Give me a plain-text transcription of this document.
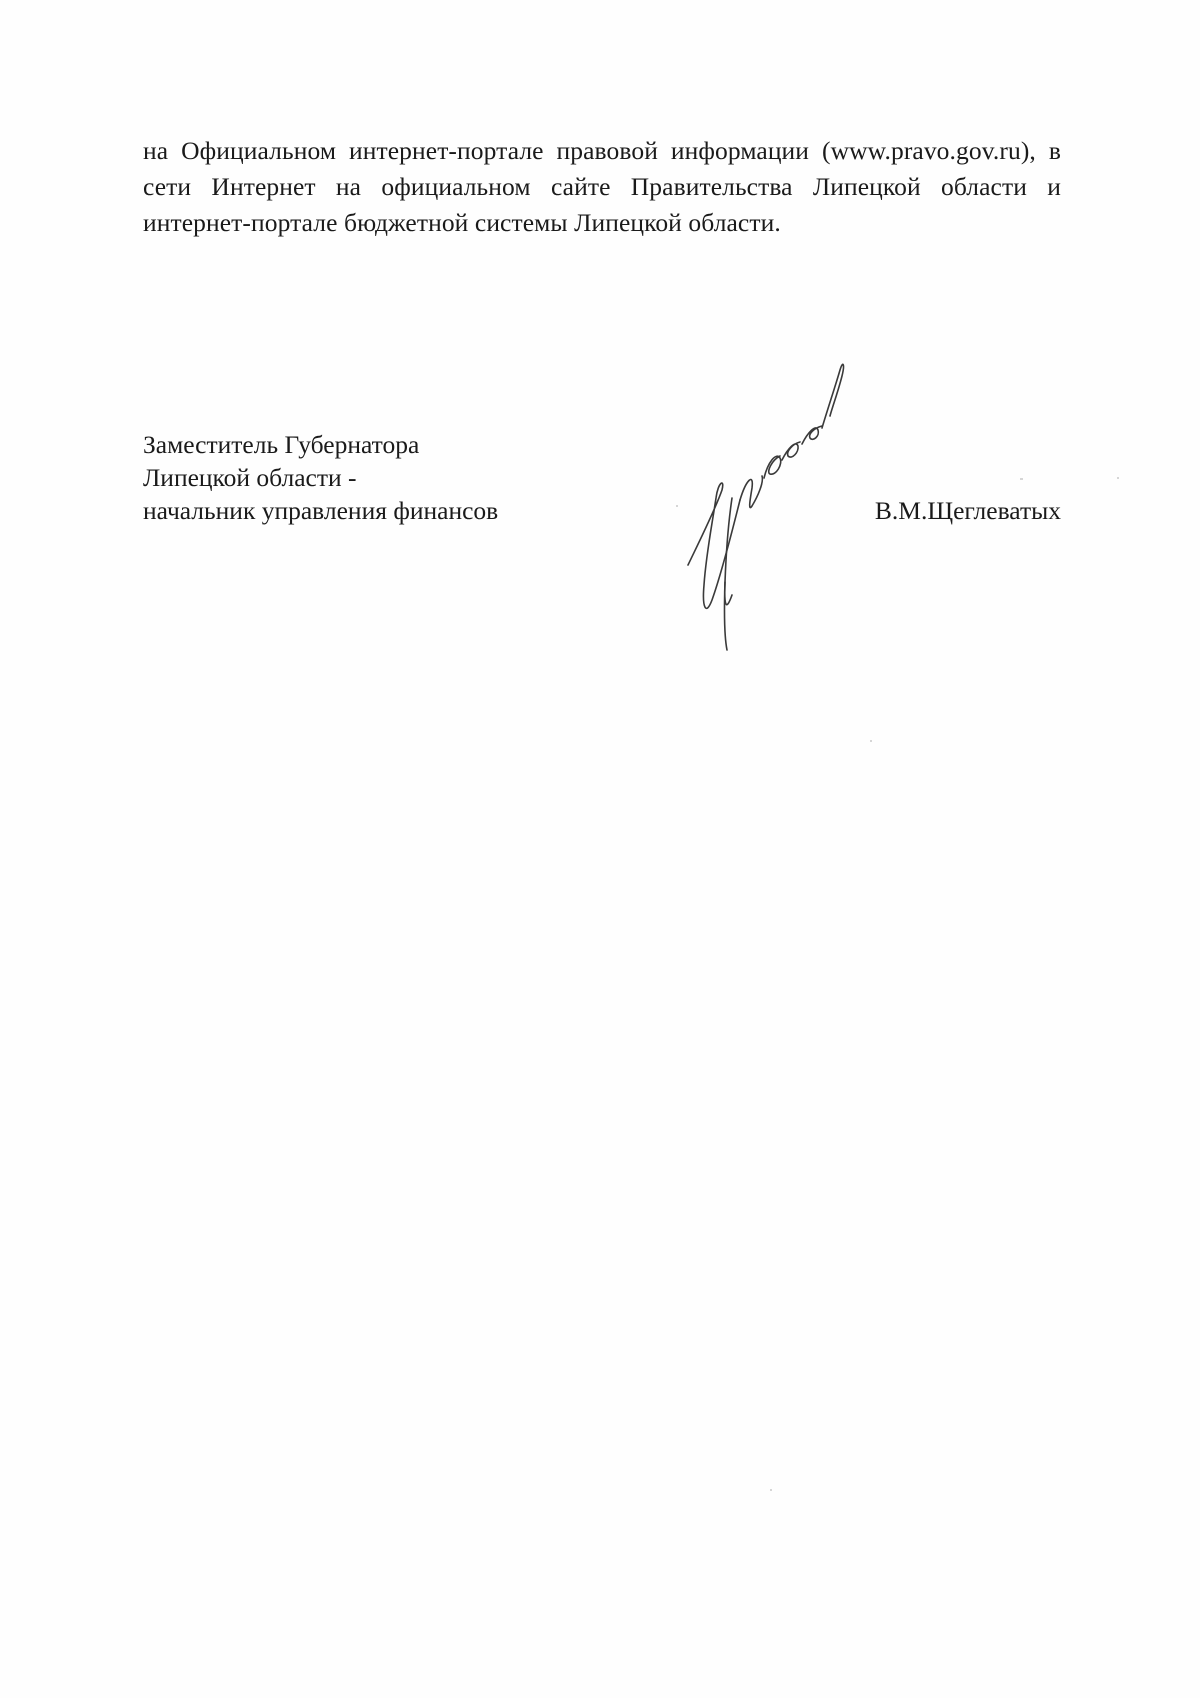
на Официальном интернет-портале правовой информации (www.pravo.gov.ru), в сети Интернет на официальном сайте Правительства Липецкой области и интернет-портале бюджетной системы Липецкой области.

Заместитель Губернатора
Липецкой области -
начальник управления финансов	В.М.Щеглеватых
